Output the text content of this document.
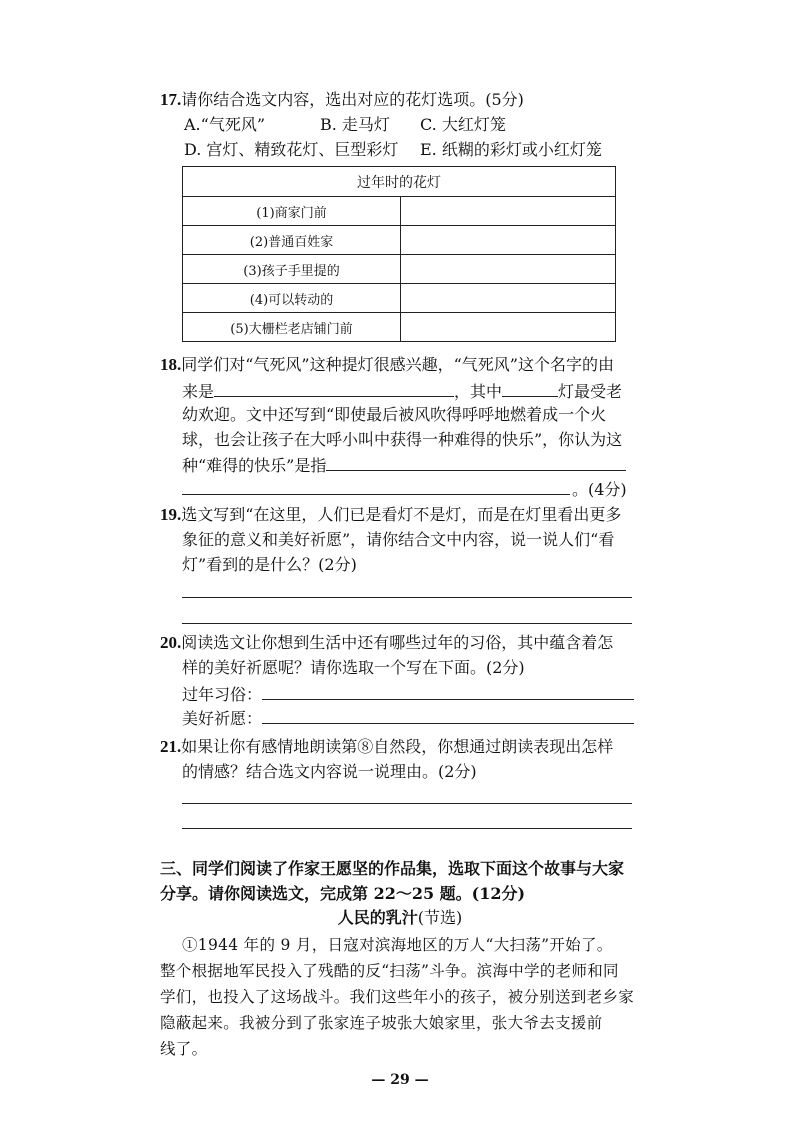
17.请你结合选文内容，选出对应的花灯选项。(5分)
A.“气死风”	B. 走马灯 C. 大红灯笼
D. 宫灯、精致花灯、巨型彩灯 E. 纸糊的彩灯或小红灯笼
过年时的花灯	
(1)商家门前	
(2)普通百姓家	
(3)孩子手里提的	
(4)可以转动的	
(5)大栅栏老店铺门前	
18.同学们对“气死风”这种提灯很感兴趣，“气死风”这个名字的由
来是	，其中	灯最受老
幼欢迎。文中还写到“即使最后被风吹得呼呼地燃着成一个火
球，也会让孩子在大呼小叫中获得一种难得的快乐”，你认为这
种“难得的快乐”是指
。(4分)
19.选文写到“在这里，人们已是看灯不是灯，而是在灯里看出更多
象征的意义和美好祈愿”，请你结合文中内容，说一说人们“看
灯”看到的是什么？(2分)
20.阅读选文让你想到生活中还有哪些过年的习俗，其中蕴含着怎
样的美好祈愿呢？请你选取一个写在下面。(2分)
过年习俗：
美好祈愿：
21.如果让你有感情地朗读第⑧自然段，你想通过朗读表现出怎样
的情感？结合选文内容说一说理由。(2分)
三、同学们阅读了作家王愿坚的作品集，选取下面这个故事与大家
分享。请你阅读选文，完成第 22～25 题。(12分)
人民的乳汁(节选)
①1944 年的 9 月，日寇对滨海地区的万人“大扫荡”开始了。
整个根据地军民投入了残酷的反“扫荡”斗争。滨海中学的老师和同
学们，也投入了这场战斗。我们这些年小的孩子，被分别送到老乡家
隐蔽起来。我被分到了张家连子坡张大娘家里，张大爷去支援前
线了。
— 29 —
